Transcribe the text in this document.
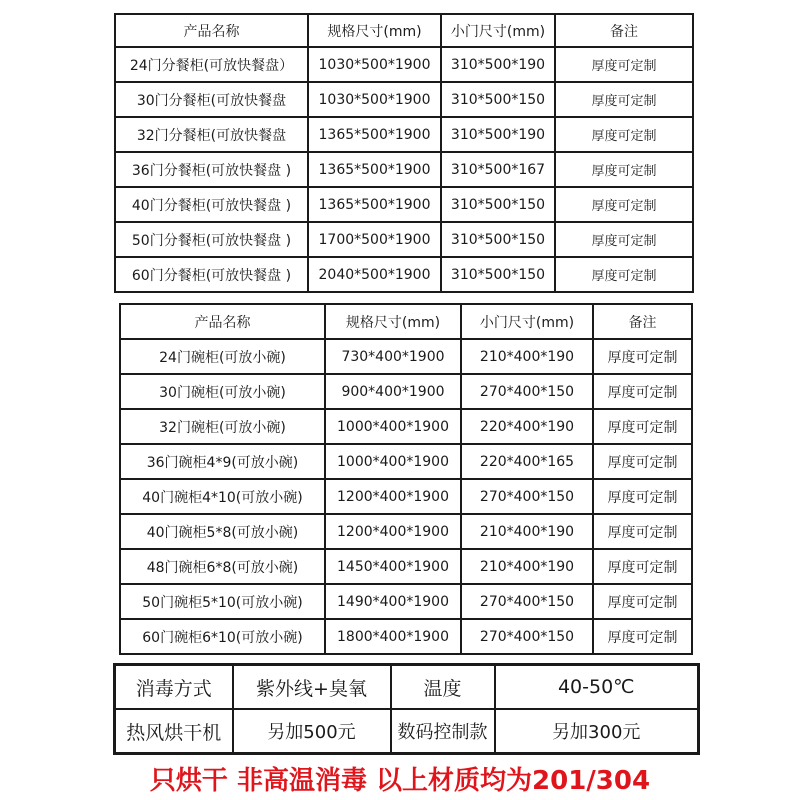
产品名称	规格尺寸(mm)	小门尺寸(mm)	备注
24门分餐柜(可放快餐盘）	1030*500*1900	310*500*190	厚度可定制
30门分餐柜(可放快餐盘	1030*500*1900	310*500*150	厚度可定制
32门分餐柜(可放快餐盘	1365*500*1900	310*500*190	厚度可定制
36门分餐柜(可放快餐盘 )	1365*500*1900	310*500*167	厚度可定制
40门分餐柜(可放快餐盘 )	1365*500*1900	310*500*150	厚度可定制
50门分餐柜(可放快餐盘 )	1700*500*1900	310*500*150	厚度可定制
60门分餐柜(可放快餐盘 )	2040*500*1900	310*500*150	厚度可定制
产品名称	规格尺寸(mm)	小门尺寸(mm)	备注
24门碗柜(可放小碗)	730*400*1900	210*400*190	厚度可定制
30门碗柜(可放小碗)	900*400*1900	270*400*150	厚度可定制
32门碗柜(可放小碗)	1000*400*1900	220*400*190	厚度可定制
36门碗柜4*9(可放小碗)	1000*400*1900	220*400*165	厚度可定制
40门碗柜4*10(可放小碗)	1200*400*1900	270*400*150	厚度可定制
40门碗柜5*8(可放小碗)	1200*400*1900	210*400*190	厚度可定制
48门碗柜6*8(可放小碗)	1450*400*1900	210*400*190	厚度可定制
50门碗柜5*10(可放小碗)	1490*400*1900	270*400*150	厚度可定制
60门碗柜6*10(可放小碗)	1800*400*1900	270*400*150	厚度可定制
消毒方式	紫外线+臭氧	温度	40-50℃
热风烘干机	另加500元	数码控制款	另加300元
只烘干 非高温消毒 以上材质均为201/304
